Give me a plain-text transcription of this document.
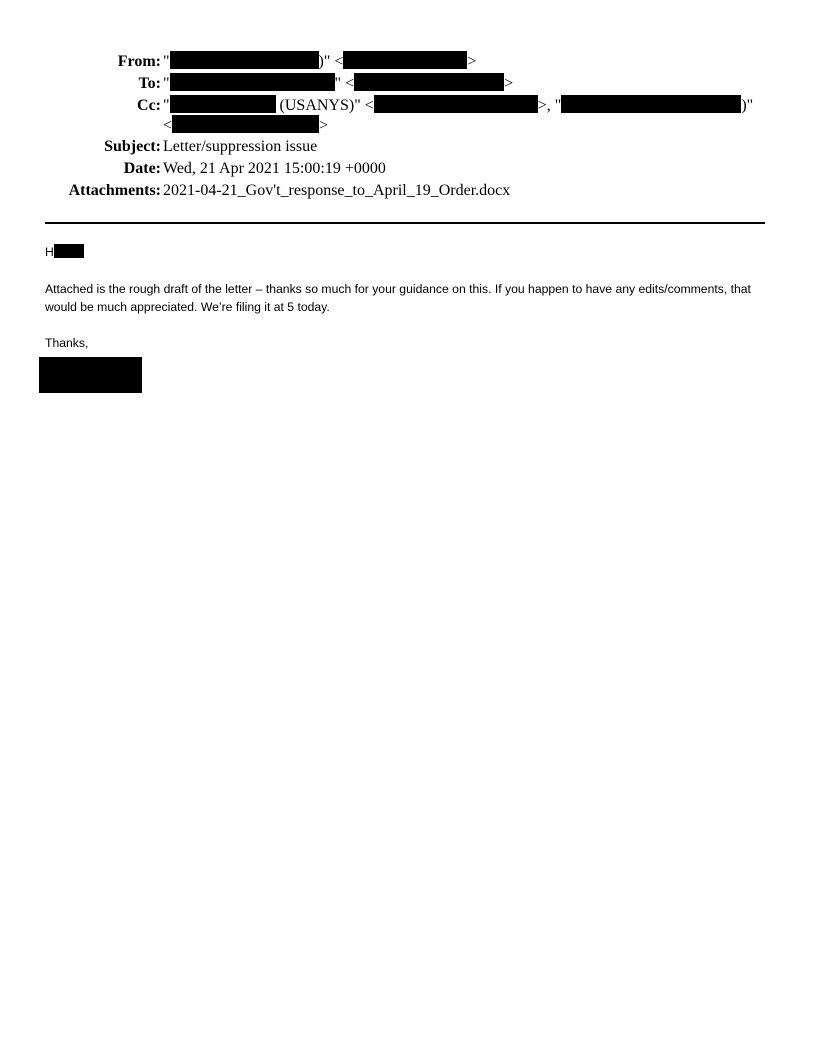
From: "	)" <	>
To: "	" <	>
Cc: "	(USANYS)" <	>, "	)"
<	>
Subject: Letter/suppression issue
Date: Wed, 21 Apr 2021 15:00:19 +0000
Attachments: 2021-04-21_Gov't_response_to_April_19_Order.docx
H
Attached is the rough draft of the letter – thanks so much for your guidance on this. If you happen to have any edits/comments, that would be much appreciated. We’re filing it at 5 today.
Thanks,
